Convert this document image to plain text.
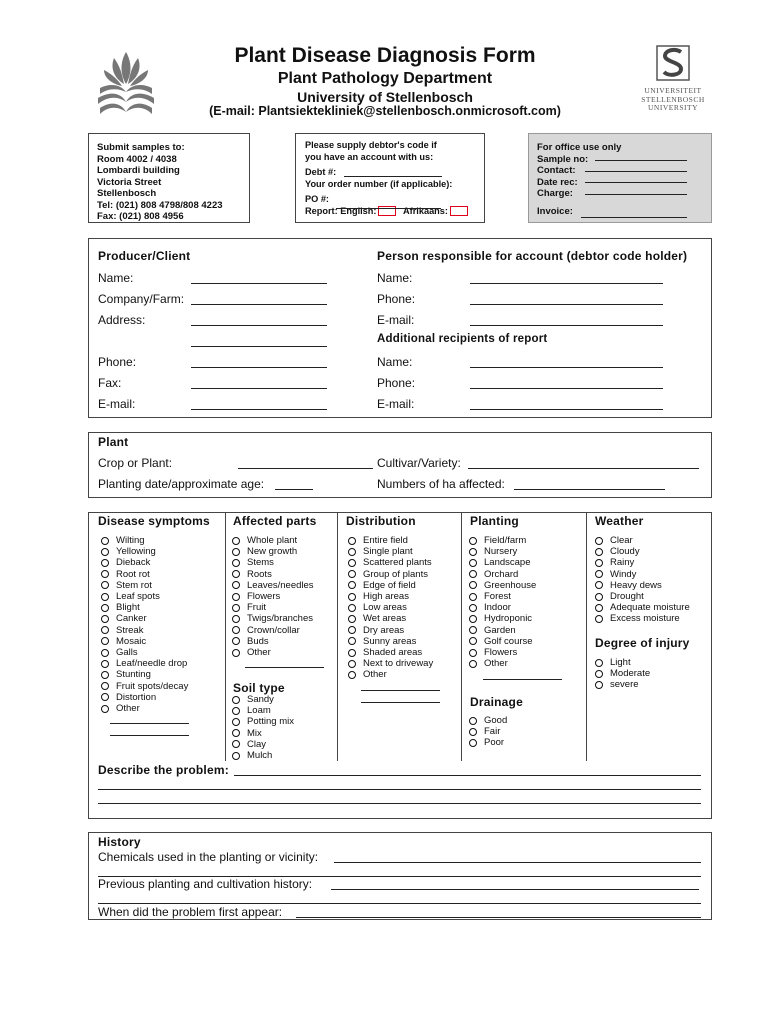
UNIVERSITEIT
STELLENBOSCH
UNIVERSITY
Plant Disease Diagnosis Form
Plant Pathology Department
University of Stellenbosch
(E-mail: Plantsiektekliniek@stellenbosch.onmicrosoft.com)
Submit samples to:
Room 4002 / 4038
Lombardi building
Victoria Street
Stellenbosch
Tel: (021) 808 4798/808 4223
Fax: (021) 808 4956
Please supply debtor's code if
you have an account with us:
Debt #:
Your order number (if applicable):
PO #:
Report: English:	Afrikaans:
For office use only
Sample no:
Contact:
Date rec:
Charge:
Invoice:
Producer/Client
Name:
Company/Farm:
Address:
Phone:
Fax:
E-mail:
Person responsible for account (debtor code holder)
Name:
Phone:
E-mail:
Additional recipients of report
Name:
Phone:
E-mail:
Plant
Crop or Plant:	Cultivar/Variety:
Planting date/approximate age:	Numbers of ha affected:
Disease symptoms
Wilting
Yellowing
Dieback
Root rot
Stem rot
Leaf spots
Blight
Canker
Streak
Mosaic
Galls
Leaf/needle drop
Stunting
Fruit spots/decay
Distortion
Other
Affected parts
Whole plant
New growth
Stems
Roots
Leaves/needles
Flowers
Fruit
Twigs/branches
Crown/collar
Buds
Other
Soil type
Sandy
Loam
Potting mix
Mix
Clay
Mulch
Distribution
Entire field
Single plant
Scattered plants
Group of plants
Edge of field
High areas
Low areas
Wet areas
Dry areas
Sunny areas
Shaded areas
Next to driveway
Other
Planting
Field/farm
Nursery
Landscape
Orchard
Greenhouse
Forest
Indoor
Hydroponic
Garden
Golf course
Flowers
Other
Drainage
Good
Fair
Poor
Weather
Clear
Cloudy
Rainy
Windy
Heavy dews
Drought
Adequate moisture
Excess moisture
Degree of injury
Light
Moderate
severe
Describe the problem:
History
Chemicals used in the planting or vicinity:
Previous planting and cultivation history:
When did the problem first appear:
